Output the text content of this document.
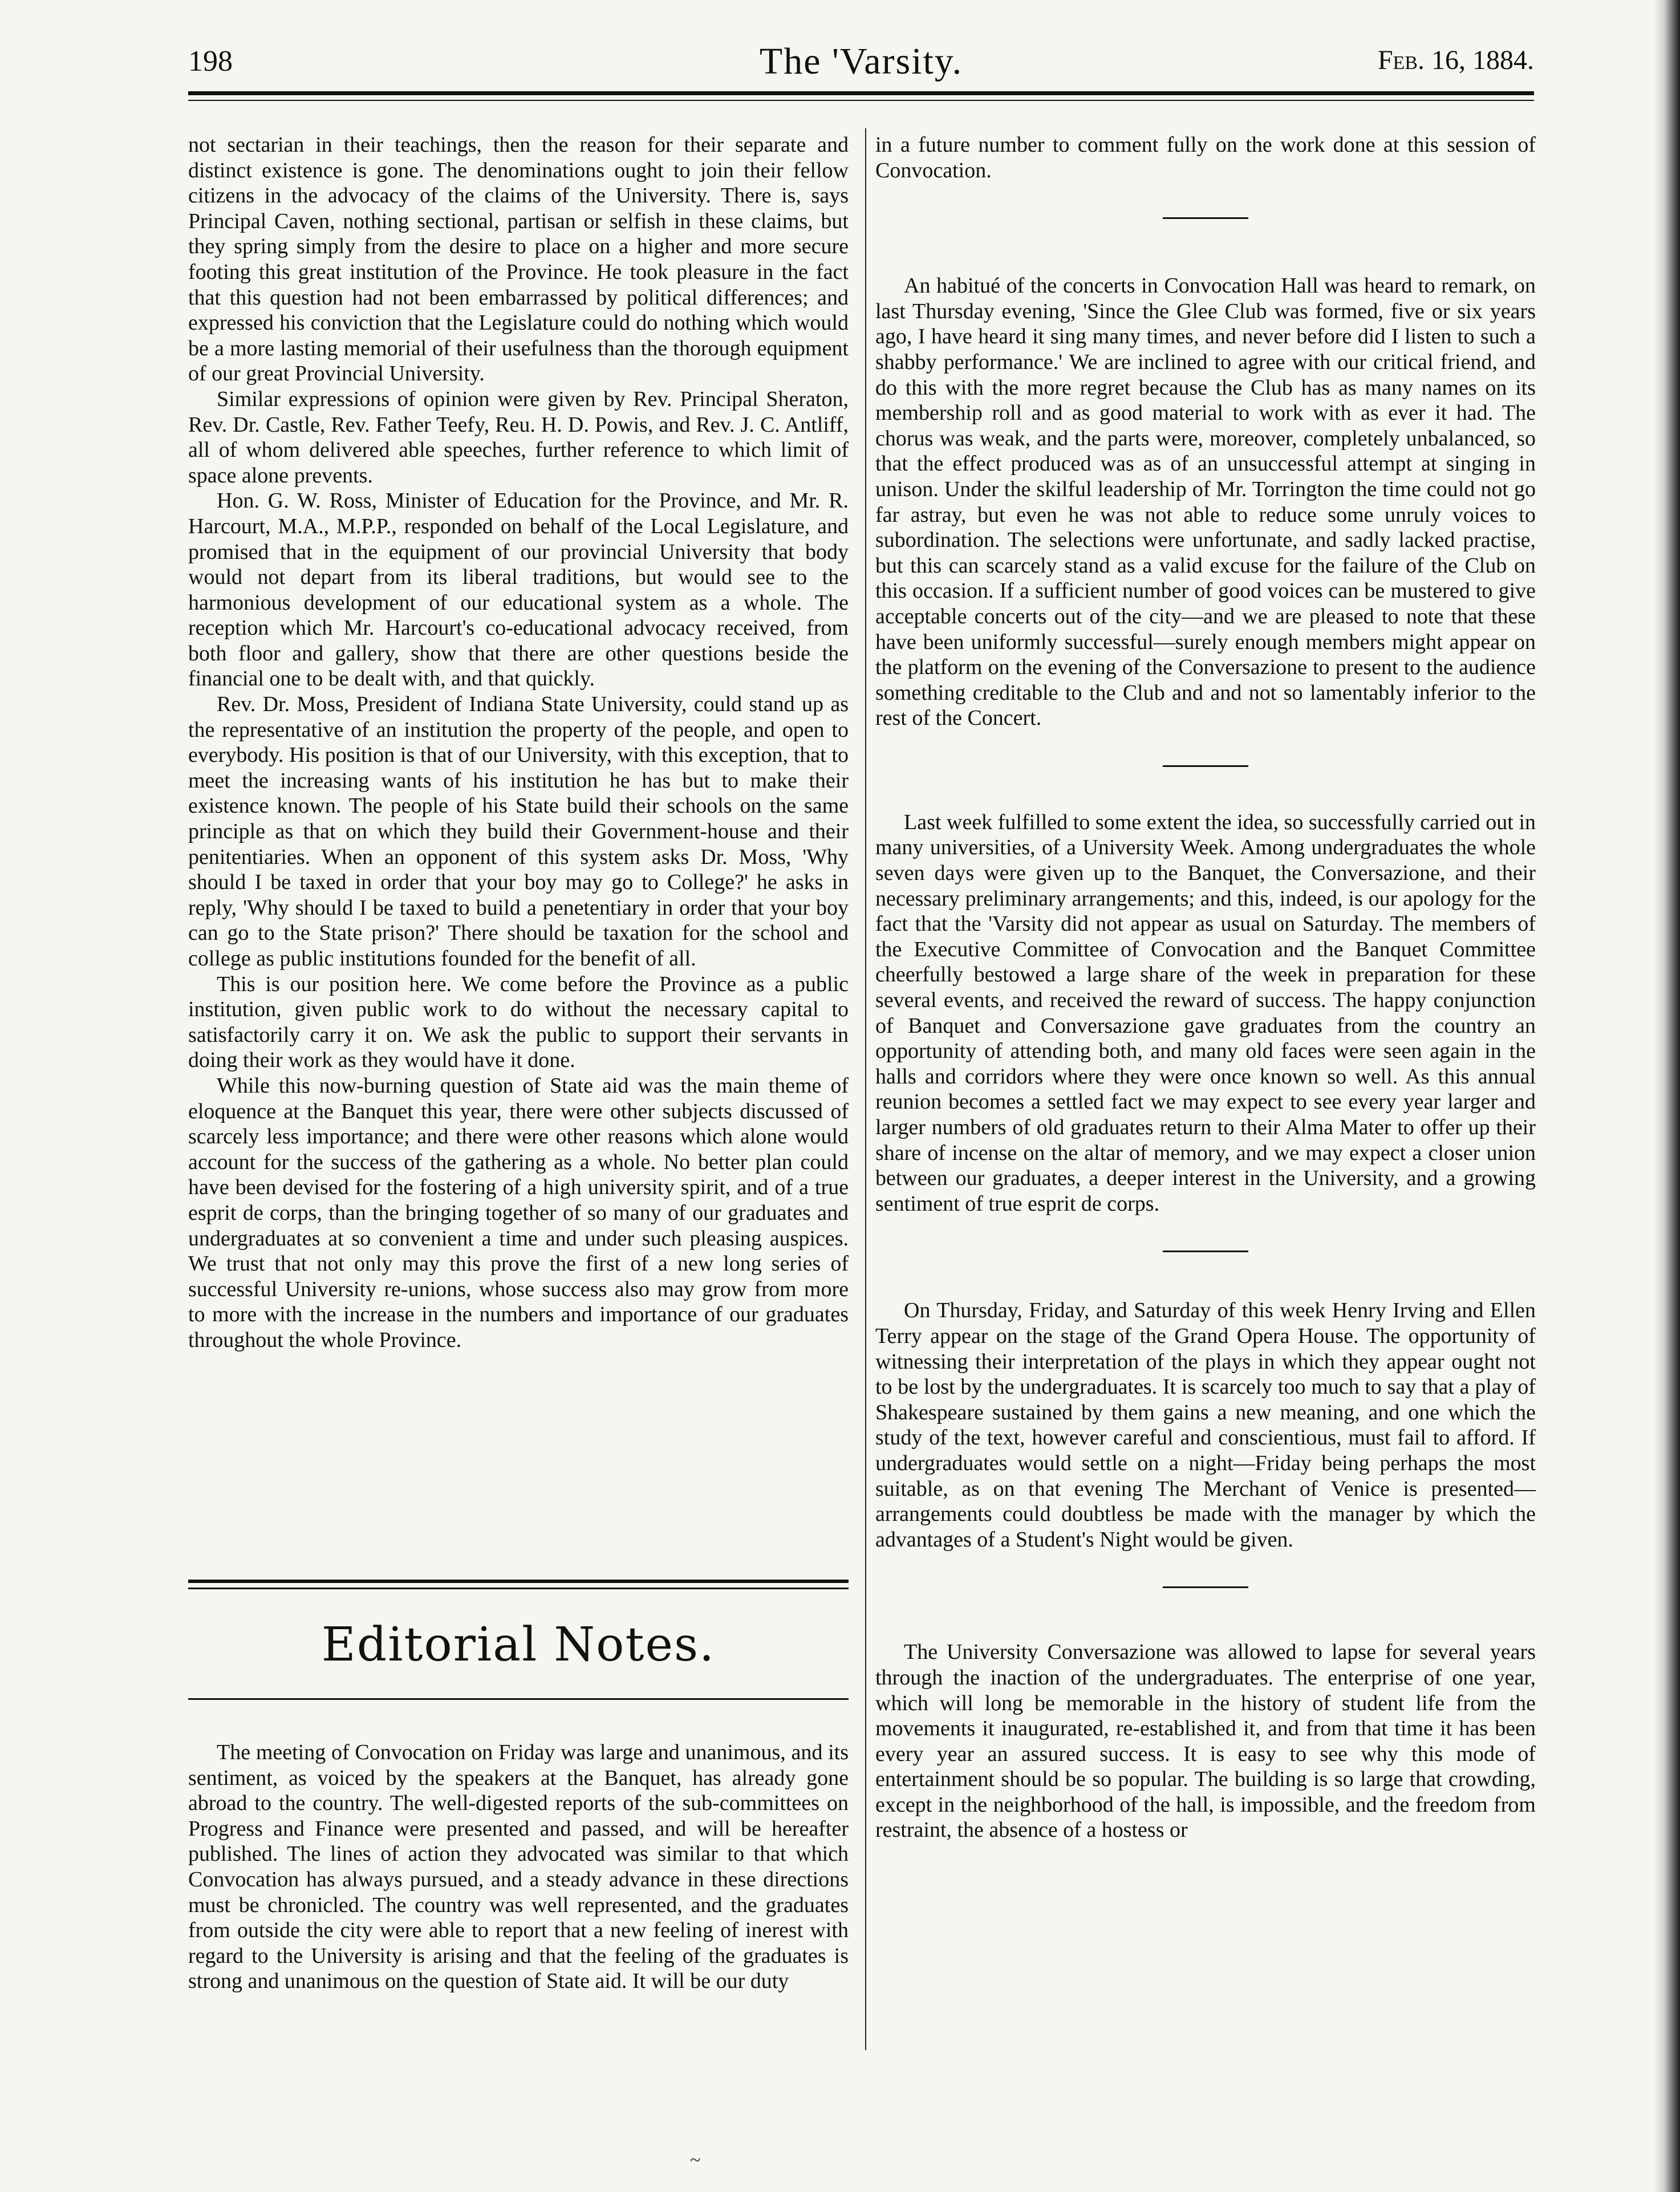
198	The 'Varsity.	Feb. 16, 1884.

not sectarian in their teachings, then the reason for their separate and distinct existence is gone. The denominations ought to join their fellow citizens in the advocacy of the claims of the University. There is, says Principal Caven, nothing sectional, partisan or selfish in these claims, but they spring simply from the desire to place on a higher and more secure footing this great institution of the Province. He took pleasure in the fact that this question had not been embarrassed by political differences; and expressed his conviction that the Legislature could do nothing which would be a more lasting memorial of their usefulness than the thorough equipment of our great Provincial University.

Similar expressions of opinion were given by Rev. Principal Sheraton, Rev. Dr. Castle, Rev. Father Teefy, Reu. H. D. Powis, and Rev. J. C. Antliff, all of whom delivered able speeches, further reference to which limit of space alone prevents.

Hon. G. W. Ross, Minister of Education for the Province, and Mr. R. Harcourt, M.A., M.P.P., responded on behalf of the Local Legislature, and promised that in the equipment of our provincial University that body would not depart from its liberal traditions, but would see to the harmonious development of our educational system as a whole. The reception which Mr. Harcourt's co-educational advocacy received, from both floor and gallery, show that there are other questions beside the financial one to be dealt with, and that quickly.

Rev. Dr. Moss, President of Indiana State University, could stand up as the representative of an institution the property of the people, and open to everybody. His position is that of our University, with this exception, that to meet the increasing wants of his institution he has but to make their existence known. The people of his State build their schools on the same principle as that on which they build their Government-house and their penitentiaries. When an opponent of this system asks Dr. Moss, 'Why should I be taxed in order that your boy may go to College?' he asks in reply, 'Why should I be taxed to build a penetentiary in order that your boy can go to the State prison?' There should be taxation for the school and college as public institutions founded for the benefit of all.

This is our position here. We come before the Province as a public institution, given public work to do without the necessary capital to satisfactorily carry it on. We ask the public to support their servants in doing their work as they would have it done.

While this now-burning question of State aid was the main theme of eloquence at the Banquet this year, there were other subjects discussed of scarcely less importance; and there were other reasons which alone would account for the success of the gathering as a whole. No better plan could have been devised for the fostering of a high university spirit, and of a true esprit de corps, than the bringing together of so many of our graduates and undergraduates at so convenient a time and under such pleasing auspices. We trust that not only may this prove the first of a new long series of successful University re-unions, whose success also may grow from more to more with the increase in the numbers and importance of our graduates throughout the whole Province.

Editorial Notes.

The meeting of Convocation on Friday was large and unanimous, and its sentiment, as voiced by the speakers at the Banquet, has already gone abroad to the country. The well-digested reports of the sub-committees on Progress and Finance were presented and passed, and will be hereafter published. The lines of action they advocated was similar to that which Convocation has always pursued, and a steady advance in these directions must be chronicled. The country was well represented, and the graduates from outside the city were able to report that a new feeling of inerest with regard to the University is arising and that the feeling of the graduates is strong and unanimous on the question of State aid. It will be our duty

in a future number to comment fully on the work done at this session of Convocation.

An habitué of the concerts in Convocation Hall was heard to remark, on last Thursday evening, 'Since the Glee Club was formed, five or six years ago, I have heard it sing many times, and never before did I listen to such a shabby performance.' We are inclined to agree with our critical friend, and do this with the more regret because the Club has as many names on its membership roll and as good material to work with as ever it had. The chorus was weak, and the parts were, moreover, completely unbalanced, so that the effect produced was as of an unsuccessful attempt at singing in unison. Under the skilful leadership of Mr. Torrington the time could not go far astray, but even he was not able to reduce some unruly voices to subordination. The selections were unfortunate, and sadly lacked practise, but this can scarcely stand as a valid excuse for the failure of the Club on this occasion. If a sufficient number of good voices can be mustered to give acceptable concerts out of the city—and we are pleased to note that these have been uniformly successful—surely enough members might appear on the platform on the evening of the Conversazione to present to the audience something creditable to the Club and and not so lamentably inferior to the rest of the Concert.

Last week fulfilled to some extent the idea, so successfully carried out in many universities, of a University Week. Among undergraduates the whole seven days were given up to the Banquet, the Conversazione, and their necessary preliminary arrangements; and this, indeed, is our apology for the fact that the 'Varsity did not appear as usual on Saturday. The members of the Executive Committee of Convocation and the Banquet Committee cheerfully bestowed a large share of the week in preparation for these several events, and received the reward of success. The happy conjunction of Banquet and Conversazione gave graduates from the country an opportunity of attending both, and many old faces were seen again in the halls and corridors where they were once known so well. As this annual reunion becomes a settled fact we may expect to see every year larger and larger numbers of old graduates return to their Alma Mater to offer up their share of incense on the altar of memory, and we may expect a closer union between our graduates, a deeper interest in the University, and a growing sentiment of true esprit de corps.

On Thursday, Friday, and Saturday of this week Henry Irving and Ellen Terry appear on the stage of the Grand Opera House. The opportunity of witnessing their interpretation of the plays in which they appear ought not to be lost by the undergraduates. It is scarcely too much to say that a play of Shakespeare sustained by them gains a new meaning, and one which the study of the text, however careful and conscientious, must fail to afford. If undergraduates would settle on a night—Friday being perhaps the most suitable, as on that evening The Merchant of Venice is presented—arrangements could doubtless be made with the manager by which the advantages of a Student's Night would be given.

The University Conversazione was allowed to lapse for several years through the inaction of the undergraduates. The enterprise of one year, which will long be memorable in the history of student life from the movements it inaugurated, re-established it, and from that time it has been every year an assured success. It is easy to see why this mode of entertainment should be so popular. The building is so large that crowding, except in the neighborhood of the hall, is impossible, and the freedom from restraint, the absence of a hostess or

~
